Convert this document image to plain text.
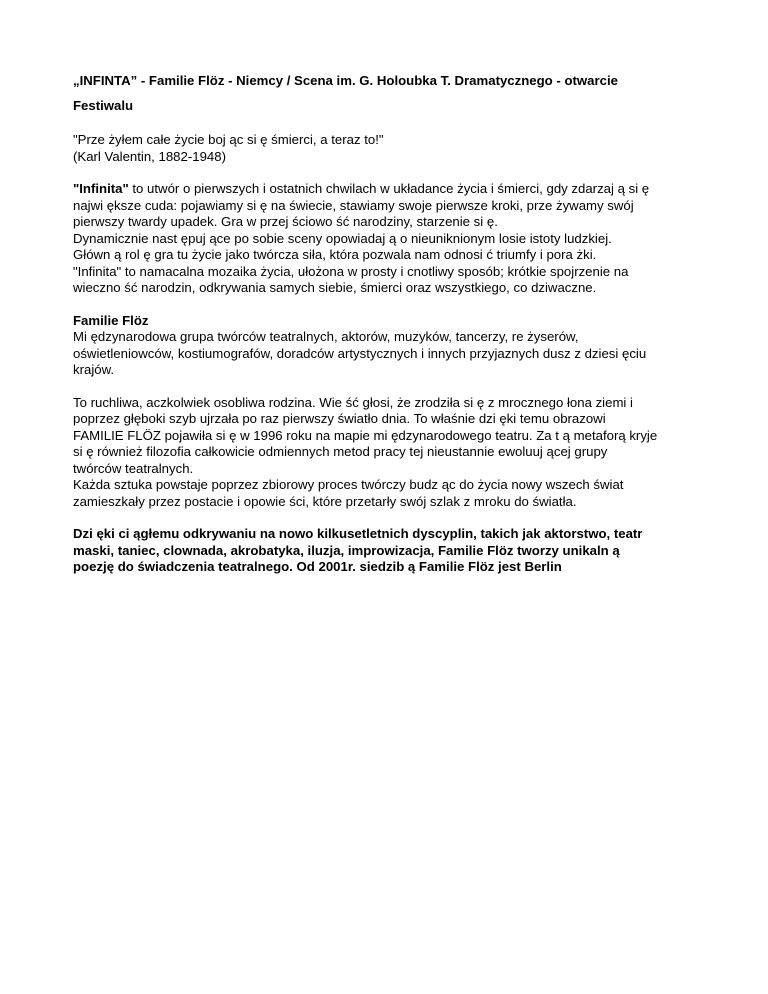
„INFINTA” - Familie Flöz - Niemcy / Scena im. G. Holoubka T. Dramatycznego - otwarcie
Festiwalu
"Prze żyłem całe życie boj ąc si ę śmierci, a teraz to!"
(Karl Valentin, 1882-1948)
"Infinita" to utwór o pierwszych i ostatnich chwilach w układance życia i śmierci, gdy zdarzaj ą si ę
najwi ększe cuda: pojawiamy si ę na świecie, stawiamy swoje pierwsze kroki, prze żywamy swój
pierwszy twardy upadek. Gra w przej ściowo ść narodziny, starzenie si ę.
Dynamicznie nast ępuj ące po sobie sceny opowiadaj ą o nieuniknionym losie istoty ludzkiej.
Główn ą rol ę gra tu życie jako twórcza siła, która pozwala nam odnosi ć triumfy i pora żki.
"Infinita" to namacalna mozaika życia, ułożona w prosty i cnotliwy sposób; krótkie spojrzenie na
wieczno ść narodzin, odkrywania samych siebie, śmierci oraz wszystkiego, co dziwaczne.
Familie Flöz
Mi ędzynarodowa grupa twórców teatralnych, aktorów, muzyków, tancerzy, re żyserów,
oświetleniowców, kostiumografów, doradców artystycznych i innych przyjaznych dusz z dziesi ęciu
krajów.
To ruchliwa, aczkolwiek osobliwa rodzina. Wie ść głosi, że zrodziła si ę z mrocznego łona ziemi i
poprzez głęboki szyb ujrzała po raz pierwszy światło dnia. To właśnie dzi ęki temu obrazowi
FAMILIE FLÖZ pojawiła si ę w 1996 roku na mapie mi ędzynarodowego teatru. Za t ą metaforą kryje
si ę również filozofia całkowicie odmiennych metod pracy tej nieustannie ewoluuj ącej grupy
twórców teatralnych.
Każda sztuka powstaje poprzez zbiorowy proces twórczy budz ąc do życia nowy wszech świat
zamieszkały przez postacie i opowie ści, które przetarły swój szlak z mroku do światła.
Dzi ęki ci ągłemu odkrywaniu na nowo kilkusetletnich dyscyplin, takich jak aktorstwo, teatr
maski, taniec, clownada, akrobatyka, iluzja, improwizacja, Familie Flöz tworzy unikaln ą
poezję do świadczenia teatralnego. Od 2001r. siedzib ą Familie Flöz jest Berlin
